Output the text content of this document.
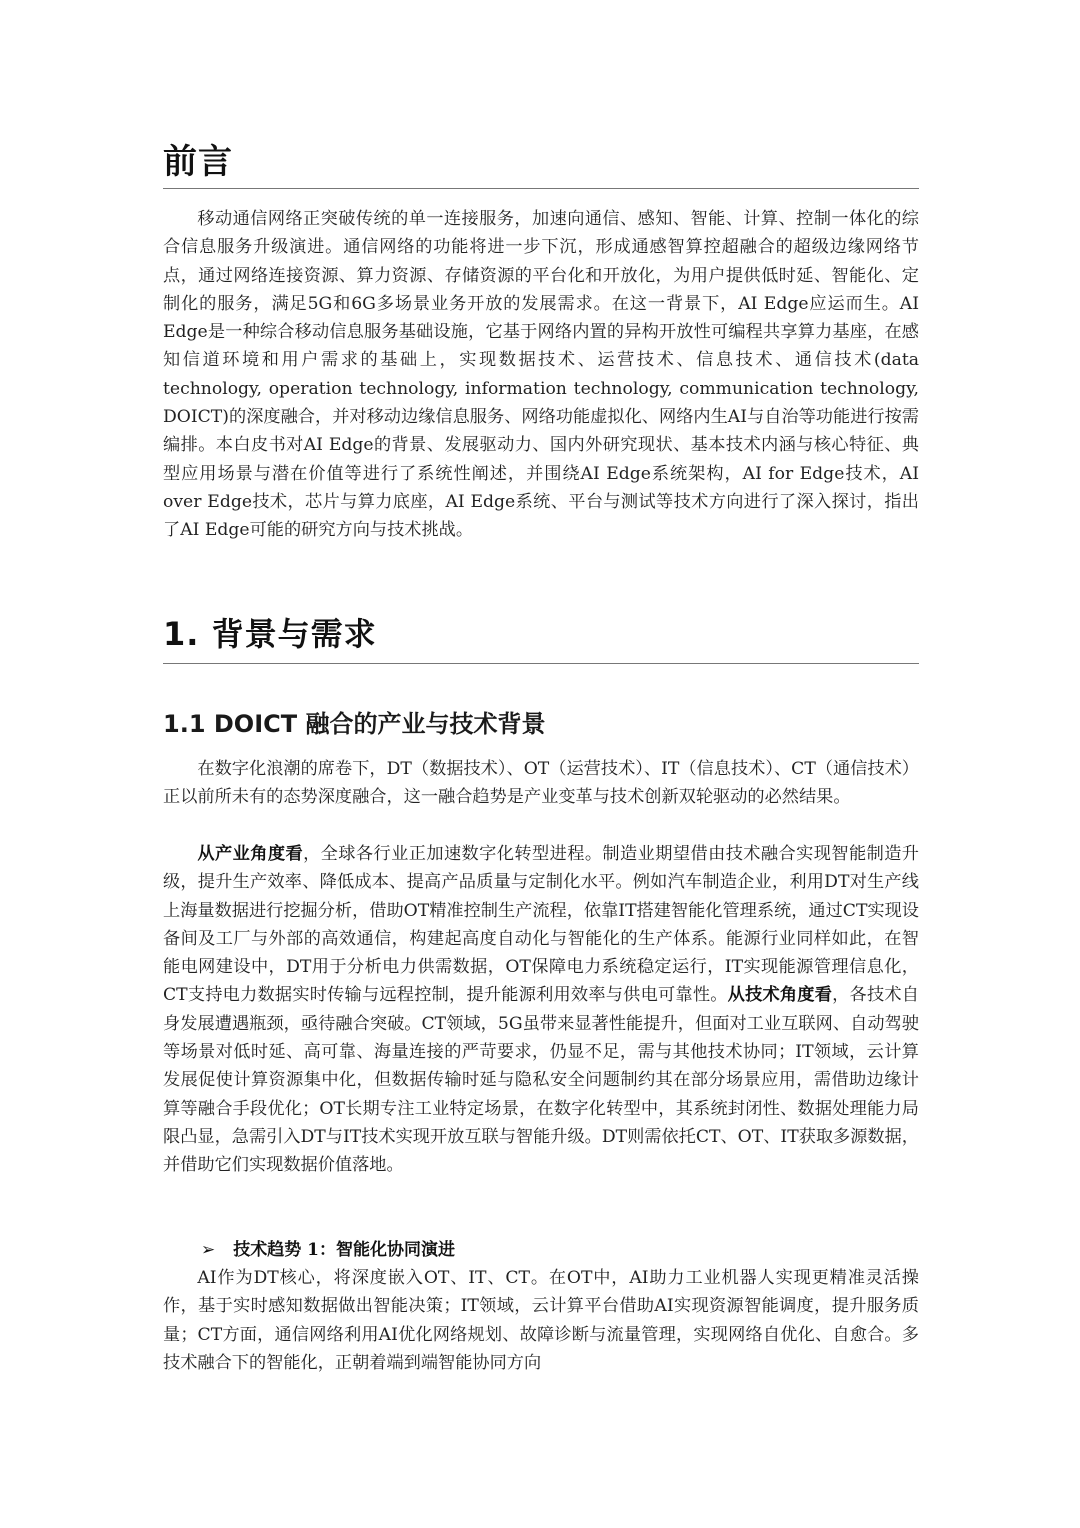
前言

移动通信网络正突破传统的单一连接服务，加速向通信、感知、智能、计算、控制一体化的综合信息服务升级演进。通信网络的功能将进一步下沉，形成通感智算控超融合的超级边缘网络节点，通过网络连接资源、算力资源、存储资源的平台化和开放化，为用户提供低时延、智能化、定制化的服务，满足5G和6G多场景业务开放的发展需求。在这一背景下，AI Edge应运而生。AI Edge是一种综合移动信息服务基础设施，它基于网络内置的异构开放性可编程共享算力基座，在感知信道环境和用户需求的基础上，实现数据技术、运营技术、信息技术、通信技术(data technology, operation technology, information technology, communication technology, DOICT)的深度融合，并对移动边缘信息服务、网络功能虚拟化、网络内生AI与自治等功能进行按需编排。本白皮书对AI Edge的背景、发展驱动力、国内外研究现状、基本技术内涵与核心特征、典型应用场景与潜在价值等进行了系统性阐述，并围绕AI Edge系统架构，AI for Edge技术，AI over Edge技术，芯片与算力底座，AI Edge系统、平台与测试等技术方向进行了深入探讨，指出了AI Edge可能的研究方向与技术挑战。

1. 背景与需求
1.1 DOICT 融合的产业与技术背景

在数字化浪潮的席卷下，DT（数据技术）、OT（运营技术）、IT（信息技术）、CT（通信技术）正以前所未有的态势深度融合，这一融合趋势是产业变革与技术创新双轮驱动的必然结果。

从产业角度看，全球各行业正加速数字化转型进程。制造业期望借由技术融合实现智能制造升级，提升生产效率、降低成本、提高产品质量与定制化水平。例如汽车制造企业，利用DT对生产线上海量数据进行挖掘分析，借助OT精准控制生产流程，依靠IT搭建智能化管理系统，通过CT实现设备间及工厂与外部的高效通信，构建起高度自动化与智能化的生产体系。能源行业同样如此，在智能电网建设中，DT用于分析电力供需数据，OT保障电力系统稳定运行，IT实现能源管理信息化，CT支持电力数据实时传输与远程控制，提升能源利用效率与供电可靠性。从技术角度看，各技术自身发展遭遇瓶颈，亟待融合突破。CT领域，5G虽带来显著性能提升，但面对工业互联网、自动驾驶等场景对低时延、高可靠、海量连接的严苛要求，仍显不足，需与其他技术协同；IT领域，云计算发展促使计算资源集中化，但数据传输时延与隐私安全问题制约其在部分场景应用，需借助边缘计算等融合手段优化；OT长期专注工业特定场景，在数字化转型中，其系统封闭性、数据处理能力局限凸显，急需引入DT与IT技术实现开放互联与智能升级。DT则需依托CT、OT、IT获取多源数据，并借助它们实现数据价值落地。

➢ 技术趋势 1：智能化协同演进

AI作为DT核心，将深度嵌入OT、IT、CT。在OT中，AI助力工业机器人实现更精准灵活操作，基于实时感知数据做出智能决策；IT领域，云计算平台借助AI实现资源智能调度，提升服务质量；CT方面，通信网络利用AI优化网络规划、故障诊断与流量管理，实现网络自优化、自愈合。多技术融合下的智能化，正朝着端到端智能协同方向
